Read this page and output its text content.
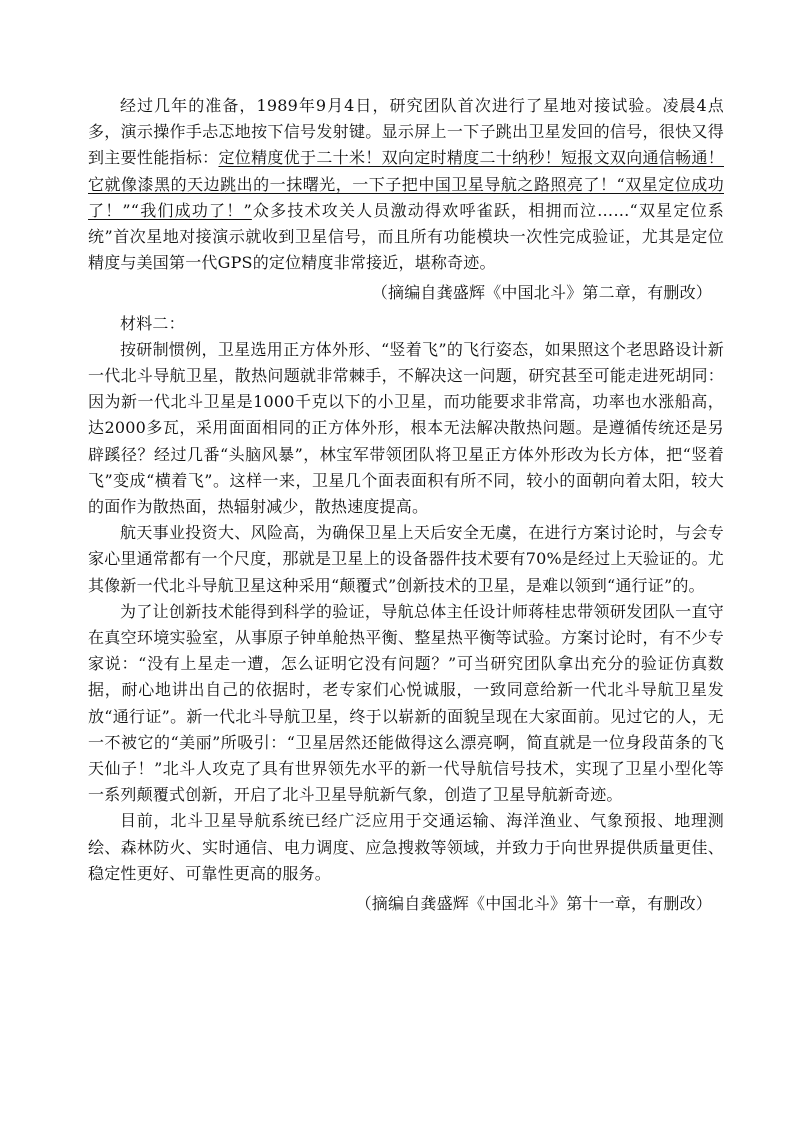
经过几年的准备，1989年9月4日，研究团队首次进行了星地对接试验。凌晨4点多，演示操作手忐忑地按下信号发射键。显示屏上一下子跳出卫星发回的信号，很快又得到主要性能指标：定位精度优于二十米！双向定时精度二十纳秒！短报文双向通信畅通！它就像漆黑的天边跳出的一抹曙光，一下子把中国卫星导航之路照亮了！“双星定位成功了！”“我们成功了！”众多技术攻关人员激动得欢呼雀跃，相拥而泣……“双星定位系统”首次星地对接演示就收到卫星信号，而且所有功能模块一次性完成验证，尤其是定位精度与美国第一代GPS的定位精度非常接近，堪称奇迹。

（摘编自龚盛辉《中国北斗》第二章，有删改）

材料二：

按研制惯例，卫星选用正方体外形、“竖着飞”的飞行姿态，如果照这个老思路设计新一代北斗导航卫星，散热问题就非常棘手，不解决这一问题，研究甚至可能走进死胡同：因为新一代北斗卫星是1000千克以下的小卫星，而功能要求非常高，功率也水涨船高，达2000多瓦，采用面面相同的正方体外形，根本无法解决散热问题。是遵循传统还是另辟蹊径？经过几番“头脑风暴”，林宝军带领团队将卫星正方体外形改为长方体，把“竖着飞”变成“横着飞”。这样一来，卫星几个面表面积有所不同，较小的面朝向着太阳，较大的面作为散热面，热辐射减少，散热速度提高。

航天事业投资大、风险高，为确保卫星上天后安全无虞，在进行方案讨论时，与会专家心里通常都有一个尺度，那就是卫星上的设备器件技术要有70%是经过上天验证的。尤其像新一代北斗导航卫星这种采用“颠覆式”创新技术的卫星，是难以领到“通行证”的。

为了让创新技术能得到科学的验证，导航总体主任设计师蒋桂忠带领研发团队一直守在真空环境实验室，从事原子钟单舱热平衡、整星热平衡等试验。方案讨论时，有不少专家说：“没有上星走一遭，怎么证明它没有问题？”可当研究团队拿出充分的验证仿真数据，耐心地讲出自己的依据时，老专家们心悦诚服，一致同意给新一代北斗导航卫星发放“通行证”。新一代北斗导航卫星，终于以崭新的面貌呈现在大家面前。见过它的人，无一不被它的“美丽”所吸引：“卫星居然还能做得这么漂亮啊，简直就是一位身段苗条的飞天仙子！”北斗人攻克了具有世界领先水平的新一代导航信号技术，实现了卫星小型化等一系列颠覆式创新，开启了北斗卫星导航新气象，创造了卫星导航新奇迹。

目前，北斗卫星导航系统已经广泛应用于交通运输、海洋渔业、气象预报、地理测绘、森林防火、实时通信、电力调度、应急搜救等领域，并致力于向世界提供质量更佳、稳定性更好、可靠性更高的服务。

（摘编自龚盛辉《中国北斗》第十一章，有删改）
